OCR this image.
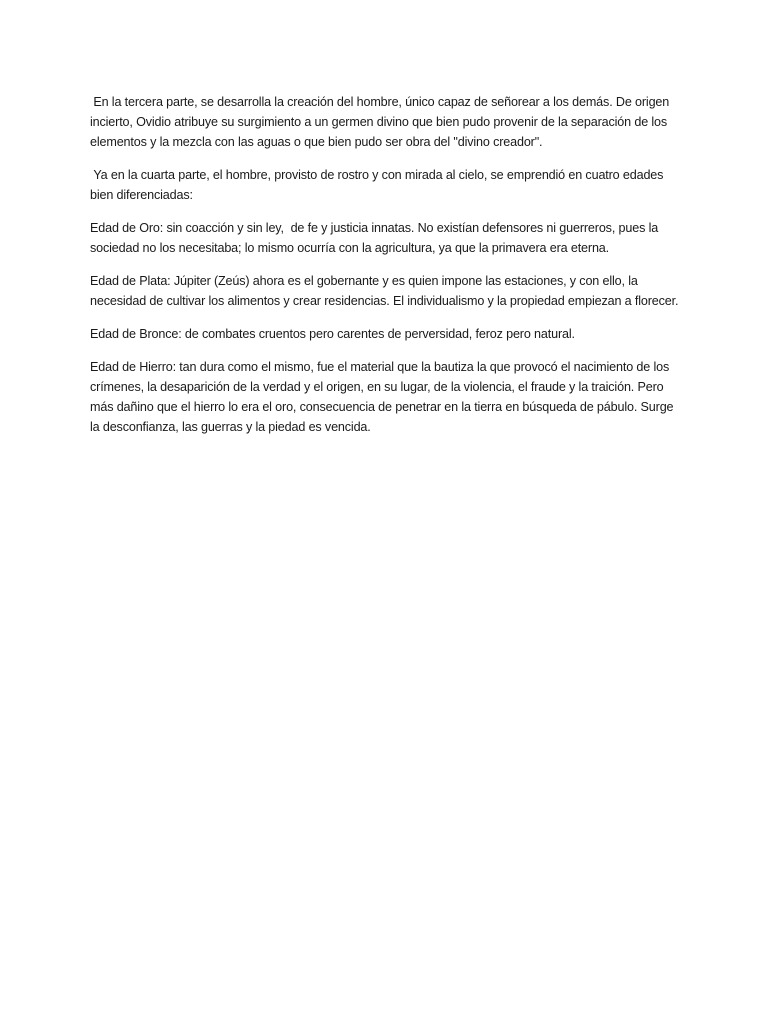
En la tercera parte, se desarrolla la creación del hombre, único capaz de señorear a los demás. De origen incierto, Ovidio atribuye su surgimiento a un germen divino que bien pudo provenir de la separación de los elementos y la mezcla con las aguas o que bien pudo ser obra del "divino creador".

Ya en la cuarta parte, el hombre, provisto de rostro y con mirada al cielo, se emprendió en cuatro edades bien diferenciadas:

Edad de Oro: sin coacción y sin ley,  de fe y justicia innatas. No existían defensores ni guerreros, pues la sociedad no los necesitaba; lo mismo ocurría con la agricultura, ya que la primavera era eterna.

Edad de Plata: Júpiter (Zeús) ahora es el gobernante y es quien impone las estaciones, y con ello, la necesidad de cultivar los alimentos y crear residencias. El individualismo y la propiedad empiezan a florecer.

Edad de Bronce: de combates cruentos pero carentes de perversidad, feroz pero natural.

Edad de Hierro: tan dura como el mismo, fue el material que la bautiza la que provocó el nacimiento de los crímenes, la desaparición de la verdad y el origen, en su lugar, de la violencia, el fraude y la traición. Pero más dañino que el hierro lo era el oro, consecuencia de penetrar en la tierra en búsqueda de pábulo. Surge la desconfianza, las guerras y la piedad es vencida.
